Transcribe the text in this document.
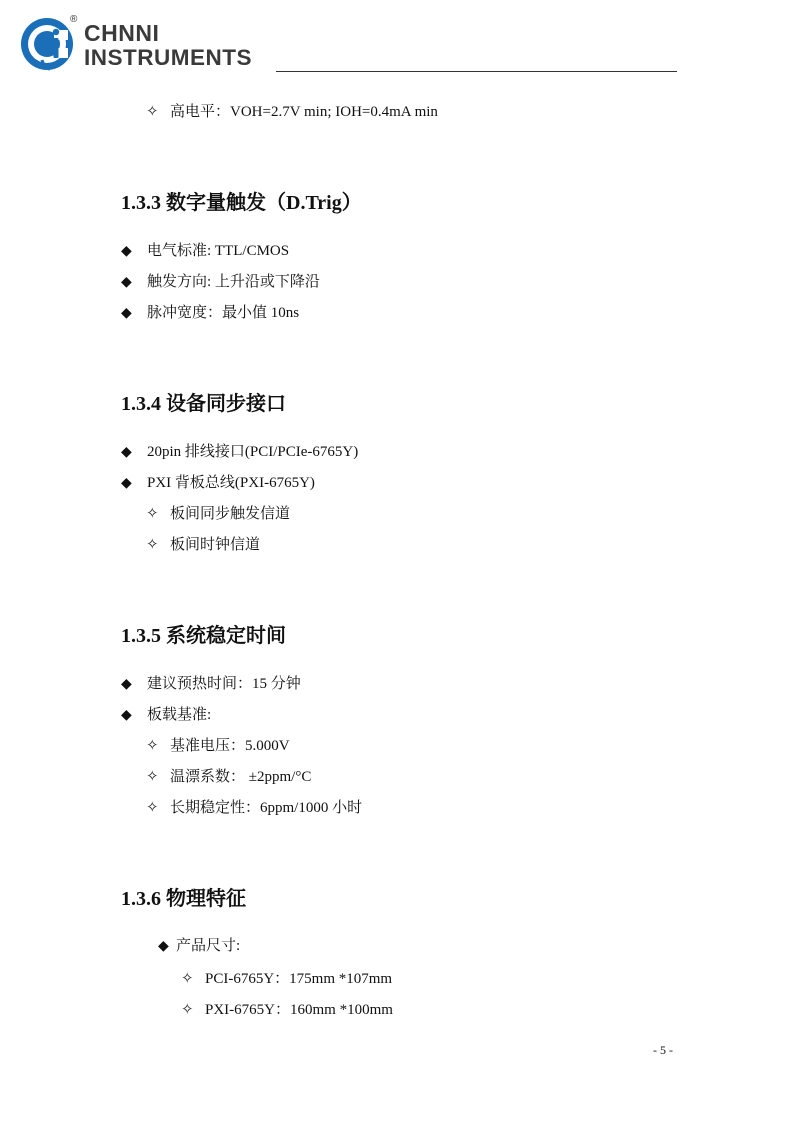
®
CHNNI
INSTRUMENTS
✧ 高电平：VOH=2.7V min; IOH=0.4mA min
1.3.3 数字量触发（D.Trig）
◆ 电气标准: TTL/CMOS
◆ 触发方向: 上升沿或下降沿
◆ 脉冲宽度：最小值 10ns
1.3.4 设备同步接口
◆ 20pin 排线接口(PCI/PCIe-6765Y)
◆ PXI 背板总线(PXI-6765Y)
✧ 板间同步触发信道
✧ 板间时钟信道
1.3.5 系统稳定时间
◆ 建议预热时间：15 分钟
◆ 板载基准:
✧ 基准电压：5.000V
✧ 温漂系数： ±2ppm/°C
✧ 长期稳定性：6ppm/1000 小时
1.3.6 物理特征
◆ 产品尺寸:
✧ PCI-6765Y：175mm *107mm
✧ PXI-6765Y：160mm *100mm
- 5 -
